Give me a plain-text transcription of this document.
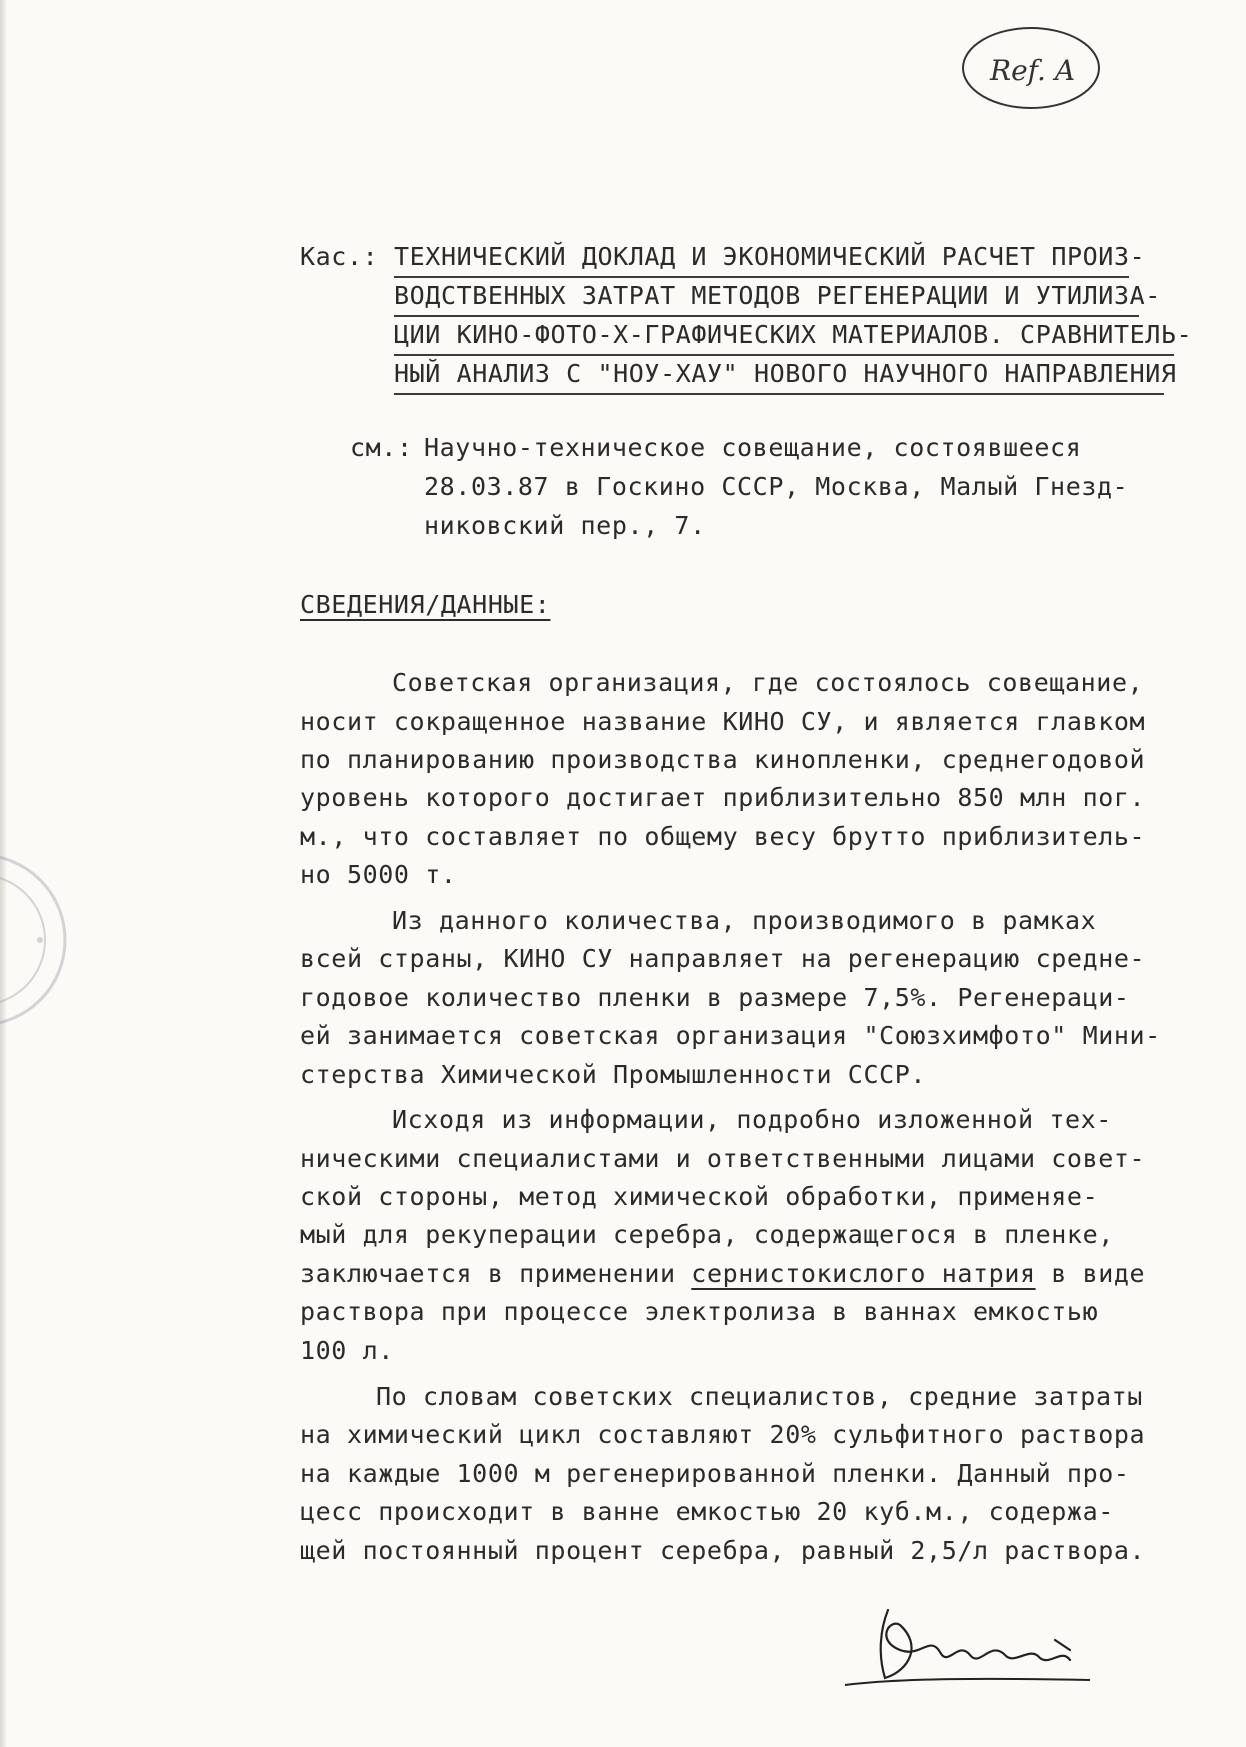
Ref. A
Кас.: ТЕХНИЧЕСКИЙ ДОКЛАД И ЭКОНОМИЧЕСКИЙ РАСЧЕТ ПРОИЗ-
ВОДСТВЕННЫХ ЗАТРАТ МЕТОДОВ РЕГЕНЕРАЦИИ И УТИЛИЗА-
ЦИИ КИНО-ФОТО-Х-ГРАФИЧЕСКИХ МАТЕРИАЛОВ. СРАВНИТЕЛЬ-
НЫЙ АНАЛИЗ С "НОУ-ХАУ" НОВОГО НАУЧНОГО НАПРАВЛЕНИЯ
см.: Научно-техническое совещание, состоявшееся
28.03.87 в Госкино СССР, Москва, Малый Гнезд-
никовский пер., 7.
СВЕДЕНИЯ/ДАННЫЕ:
Советская организация, где состоялось совещание,
носит сокращенное название КИНО СУ, и является главком
по планированию производства кинопленки, среднегодовой
уровень которого достигает приблизительно 850 млн пог.
м., что составляет по общему весу брутто приблизитель-
но 5000 т.
Из данного количества, производимого в рамках
всей страны, КИНО СУ направляет на регенерацию средне-
годовое количество пленки в размере 7,5%. Регенераци-
ей занимается советская организация "Союзхимфото" Мини-
стерства Химической Промышленности СССР.
Исходя из информации, подробно изложенной тех-
ническими специалистами и ответственными лицами совет-
ской стороны, метод химической обработки, применяе-
мый для рекуперации серебра, содержащегося в пленке,
заключается в применении сернистокислого натрия в виде
раствора при процессе электролиза в ваннах емкостью
100 л.
По словам советских специалистов, средние затраты
на химический цикл составляют 20% сульфитного раствора
на каждые 1000 м регенерированной пленки. Данный про-
цесс происходит в ванне емкостью 20 куб.м., содержа-
щей постоянный процент серебра, равный 2,5/л раствора.
